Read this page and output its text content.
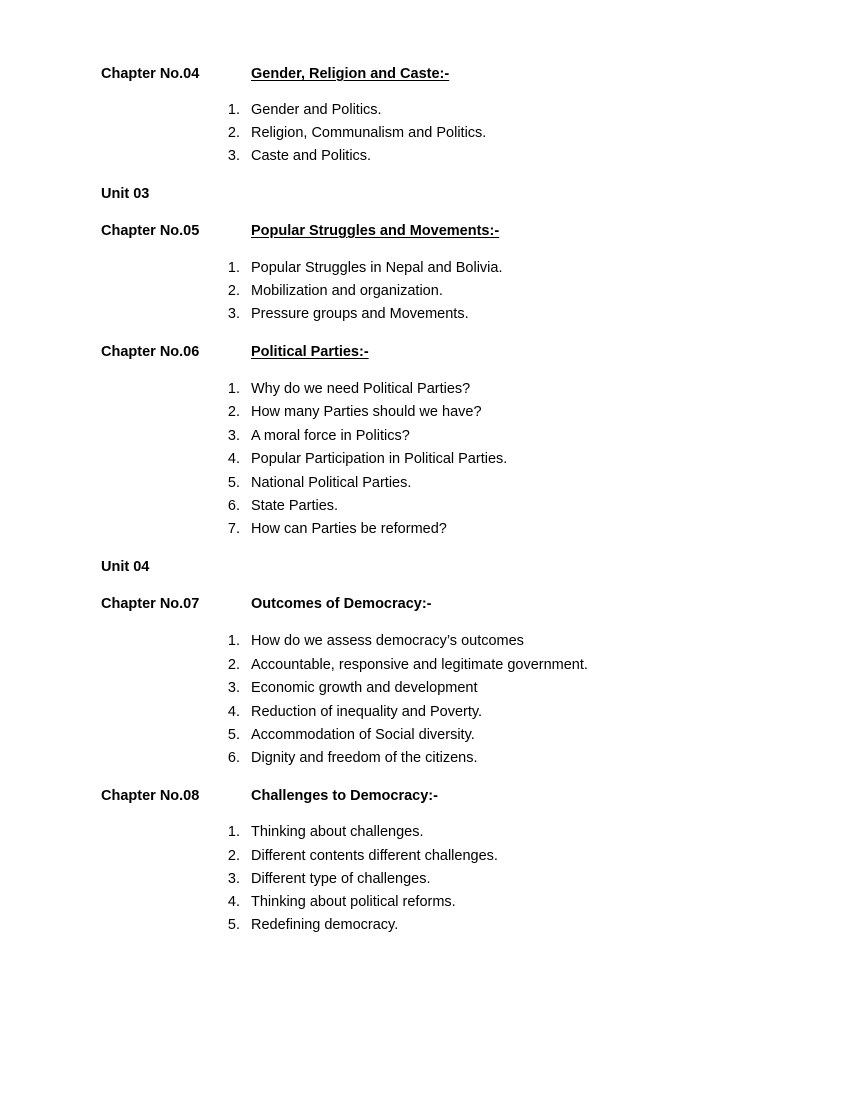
Chapter No.04	Gender, Religion and Caste:-
1. Gender and Politics.
2. Religion, Communalism and Politics.
3. Caste and Politics.
Unit 03
Chapter No.05	Popular Struggles and Movements:-
1. Popular Struggles in Nepal and Bolivia.
2. Mobilization and organization.
3. Pressure groups and Movements.
Chapter No.06	Political Parties:-
1. Why do we need Political Parties?
2. How many Parties should we have?
3. A moral force in Politics?
4. Popular Participation in Political Parties.
5. National Political Parties.
6. State Parties.
7. How can Parties be reformed?
Unit 04
Chapter No.07	Outcomes of Democracy:-
1. How do we assess democracy’s outcomes
2. Accountable, responsive and legitimate government.
3. Economic growth and development
4. Reduction of inequality and Poverty.
5. Accommodation of Social diversity.
6. Dignity and freedom of the citizens.
Chapter No.08	Challenges to Democracy:-
1. Thinking about challenges.
2. Different contents different challenges.
3. Different type of challenges.
4. Thinking about political reforms.
5. Redefining democracy.
